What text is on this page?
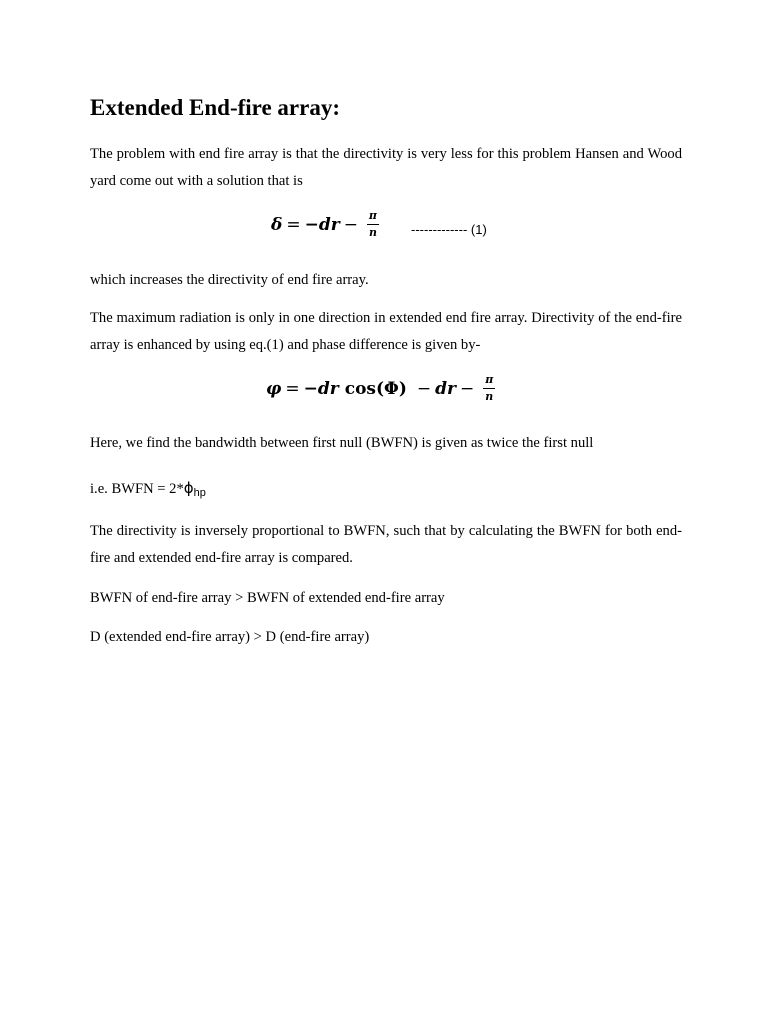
Extended End-fire array:
The problem with end fire array is that the directivity is very less for this problem Hansen and Wood yard come out with a solution that is
δ = − dr − $\frac{\pi}{n}$ ------------- (1)
which increases the directivity of end fire array.
The maximum radiation is only in one direction in extended end fire array. Directivity of the end-fire array is enhanced by using eq.(1) and phase difference is given by-
φ = − dr cos(Φ) − dr − $\frac{\pi}{n}$
Here, we find the bandwidth between first null (BWFN) is given as twice the first null
i.e. BWFN = $2*\phi_{hp}$
The directivity is inversely proportional to BWFN, such that by calculating the BWFN for both end-fire and extended end-fire array is compared.
BWFN of end-fire array > BWFN of extended end-fire array
D (extended end-fire array) > D (end-fire array)
